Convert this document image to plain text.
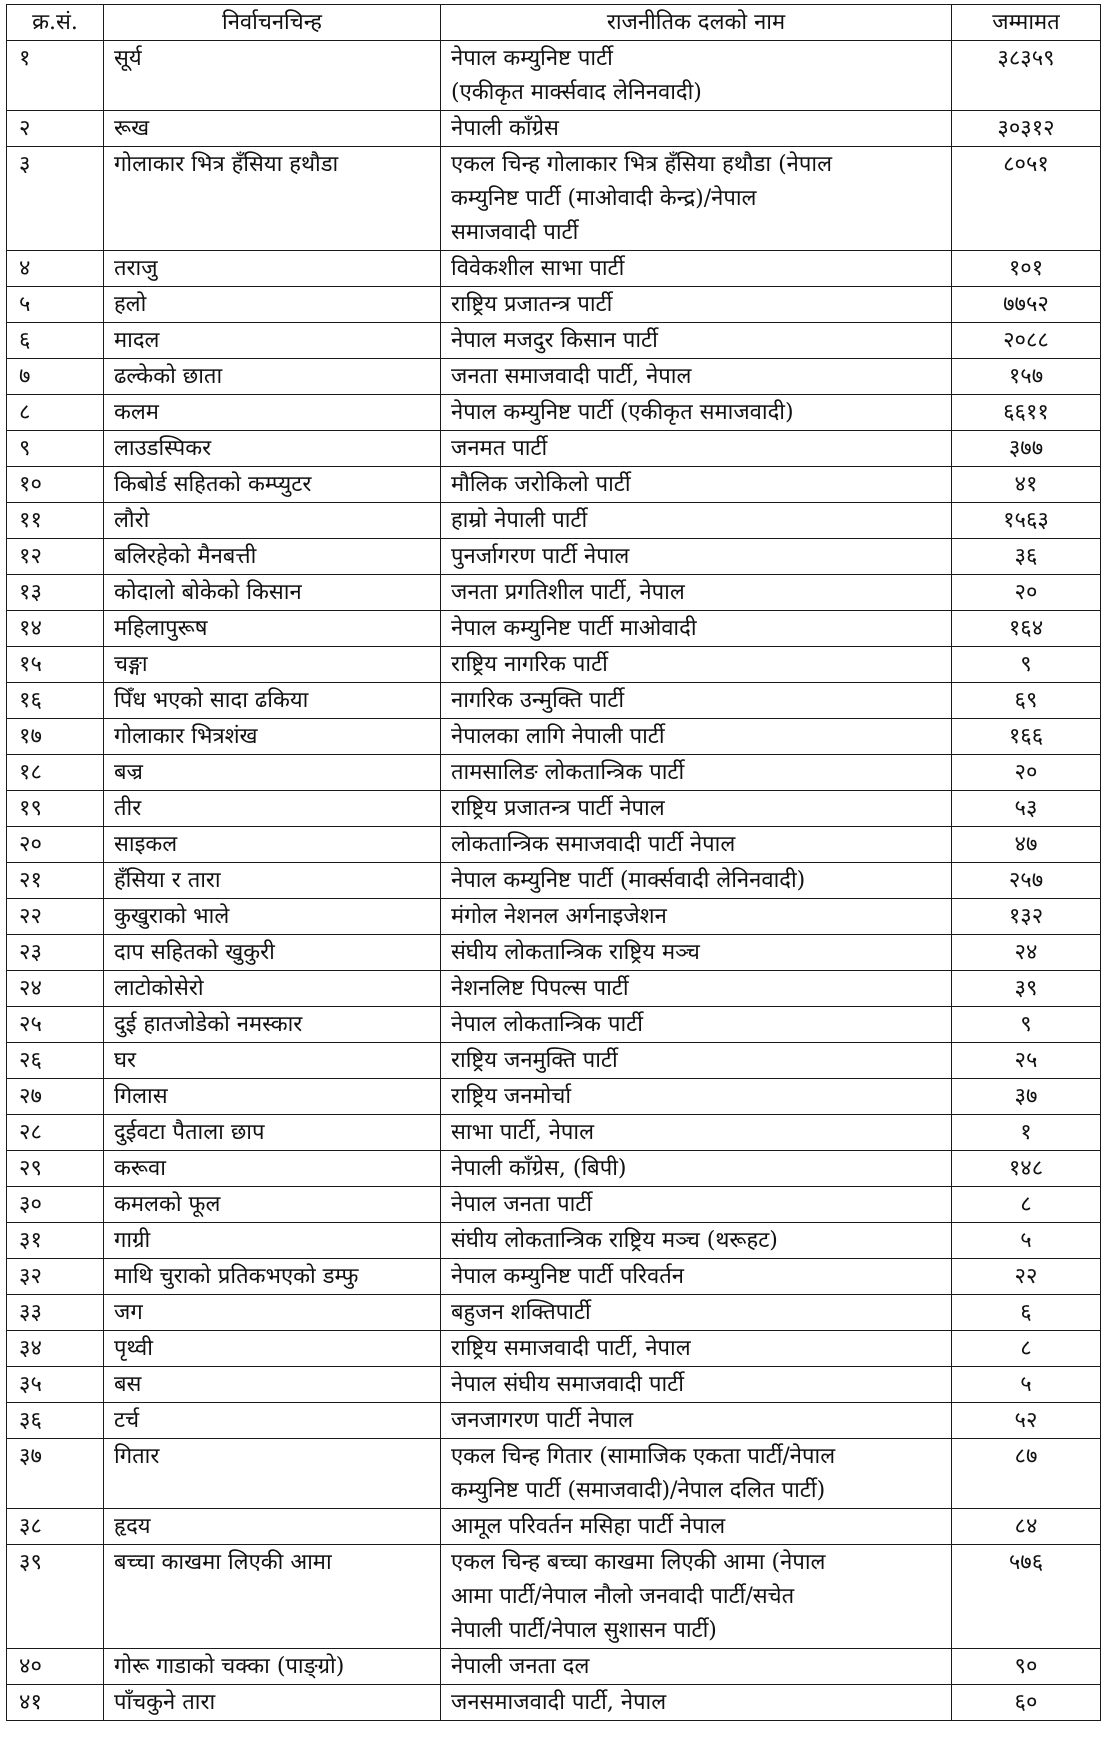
क्र.सं.	निर्वाचनचिन्ह	राजनीतिक दलको नाम	जम्मामत
१	सूर्य	नेपाल कम्युनिष्ट पार्टी
(एकीकृत मार्क्सवाद लेनिनवादी)	३८३५९
२	रूख	नेपाली काँग्रेस	३०३१२
३	गोलाकार भित्र हँसिया हथौडा	एकल चिन्ह गोलाकार भित्र हँसिया हथौडा (नेपाल
कम्युनिष्ट पार्टी (माओवादी केन्द्र)/नेपाल
समाजवादी पार्टी	८०५१
४	तराजु	विवेकशील साभा पार्टी	१०१
५	हलो	राष्ट्रिय प्रजातन्त्र पार्टी	७७५२
६	मादल	नेपाल मजदुर किसान पार्टी	२०८८
७	ढल्केको छाता	जनता समाजवादी पार्टी, नेपाल	१५७
८	कलम	नेपाल कम्युनिष्ट पार्टी (एकीकृत समाजवादी)	६६११
९	लाउडस्पिकर	जनमत पार्टी	३७७
१०	किबोर्ड सहितको कम्प्युटर	मौलिक जरोकिलो पार्टी	४१
११	लौरो	हाम्रो नेपाली पार्टी	१५६३
१२	बलिरहेको मैनबत्ती	पुनर्जागरण पार्टी नेपाल	३६
१३	कोदालो बोकेको किसान	जनता प्रगतिशील पार्टी, नेपाल	२०
१४	महिलापुरूष	नेपाल कम्युनिष्ट पार्टी माओवादी	१६४
१५	चङ्गा	राष्ट्रिय नागरिक पार्टी	९
१६	पिँध भएको सादा ढकिया	नागरिक उन्मुक्ति पार्टी	६९
१७	गोलाकार भित्रशंख	नेपालका लागि नेपाली पार्टी	१६६
१८	बज्र	तामसालिङ लोकतान्त्रिक पार्टी	२०
१९	तीर	राष्ट्रिय प्रजातन्त्र पार्टी नेपाल	५३
२०	साइकल	लोकतान्त्रिक समाजवादी पार्टी नेपाल	४७
२१	हँसिया र तारा	नेपाल कम्युनिष्ट पार्टी (मार्क्सवादी लेनिनवादी)	२५७
२२	कुखुराको भाले	मंगोल नेशनल अर्गनाइजेशन	१३२
२३	दाप सहितको खुकुरी	संघीय लोकतान्त्रिक राष्ट्रिय मञ्च	२४
२४	लाटोकोसेरो	नेशनलिष्ट पिपल्स पार्टी	३९
२५	दुई हातजोडेको नमस्कार	नेपाल लोकतान्त्रिक पार्टी	९
२६	घर	राष्ट्रिय जनमुक्ति पार्टी	२५
२७	गिलास	राष्ट्रिय जनमोर्चा	३७
२८	दुईवटा पैताला छाप	साभा पार्टी, नेपाल	१
२९	करूवा	नेपाली काँग्रेस, (बिपी)	१४८
३०	कमलको फूल	नेपाल जनता पार्टी	८
३१	गाग्री	संघीय लोकतान्त्रिक राष्ट्रिय मञ्च (थरूहट)	५
३२	माथि चुराको प्रतिकभएको डम्फु	नेपाल कम्युनिष्ट पार्टी परिवर्तन	२२
३३	जग	बहुजन शक्तिपार्टी	६
३४	पृथ्वी	राष्ट्रिय समाजवादी पार्टी, नेपाल	८
३५	बस	नेपाल संघीय समाजवादी पार्टी	५
३६	टर्च	जनजागरण पार्टी नेपाल	५२
३७	गितार	एकल चिन्ह गितार (सामाजिक एकता पार्टी/नेपाल
कम्युनिष्ट पार्टी (समाजवादी)/नेपाल दलित पार्टी)	८७
३८	हृदय	आमूल परिवर्तन मसिहा पार्टी नेपाल	८४
३९	बच्चा काखमा लिएकी आमा	एकल चिन्ह बच्चा काखमा लिएकी आमा (नेपाल
आमा पार्टी/नेपाल नौलो जनवादी पार्टी/सचेत
नेपाली पार्टी/नेपाल सुशासन पार्टी)	५७६
४०	गोरू गाडाको चक्का (पाङ्ग्रो)	नेपाली जनता दल	९०
४१	पाँचकुने तारा	जनसमाजवादी पार्टी, नेपाल	६०
